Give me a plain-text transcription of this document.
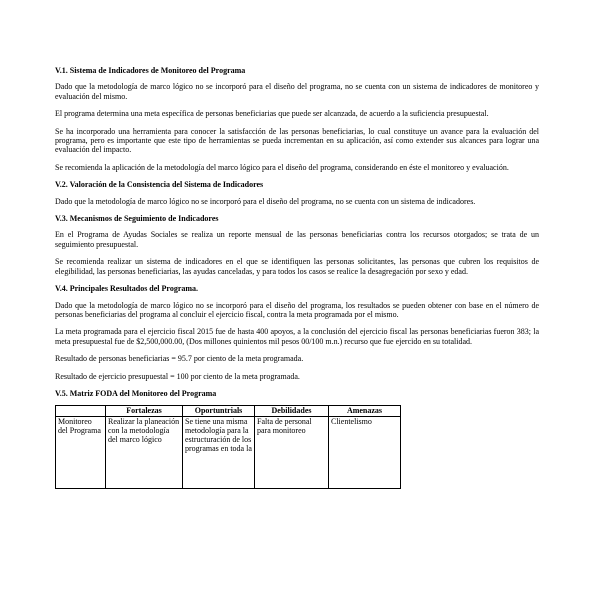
V.1. Sistema de Indicadores de Monitoreo del Programa

Dado que la metodología de marco lógico no se incorporó para el diseño del programa, no se cuenta con un sistema de indicadores de monitoreo y evaluación del mismo.

El programa determina una meta específica de personas beneficiarias que puede ser alcanzada, de acuerdo a la suficiencia presupuestal.

Se ha incorporado una herramienta para conocer la satisfacción de las personas beneficiarias, lo cual constituye un avance para la evaluación del programa, pero es importante que este tipo de herramientas se pueda incrementan en su aplicación, así como extender sus alcances para lograr una evaluación del impacto.

Se recomienda la aplicación de la metodología del marco lógico para el diseño del programa, considerando en éste el monitoreo y evaluación.

V.2. Valoración de la Consistencia del Sistema de Indicadores

Dado que la metodología de marco lógico no se incorporó para el diseño del programa, no se cuenta con un sistema de indicadores.

V.3. Mecanismos de Seguimiento de Indicadores

En el Programa de Ayudas Sociales se realiza un reporte mensual de las personas beneficiarias contra los recursos otorgados; se trata de un seguimiento presupuestal.

Se recomienda realizar un sistema de indicadores en el que se identifiquen las personas solicitantes, las personas que cubren los requisitos de elegibilidad, las personas beneficiarias, las ayudas canceladas, y para todos los casos se realice la desagregación por sexo y edad.

V.4. Principales Resultados del Programa.

Dado que la metodología de marco lógico no se incorporó para el diseño del programa, los resultados se pueden obtener con base en el número de personas beneficiarias del programa al concluir el ejercicio fiscal, contra la meta programada por el mismo.

La meta programada para el ejercicio fiscal 2015 fue de hasta 400 apoyos, a la conclusión del ejercicio fiscal las personas beneficiarias fueron 383; la meta presupuestal fue de $2,500,000.00, (Dos millones quinientos mil pesos 00/100 m.n.) recurso que fue ejercido en su totalidad.

Resultado de personas beneficiarias = 95.7 por ciento de la meta programada.

Resultado de ejercicio presupuestal = 100 por ciento de la meta programada.

V.5. Matriz FODA del Monitoreo del Programa
	Fortalezas	Oportuntrials	Debilidades	Amenazas
Monitoreo del Programa	Realizar la planeación con la metodología del marco lógico	Se tiene una misma metodología para la estructuración de los programas en toda la	Falta de personal para monitoreo	Clientelismo
